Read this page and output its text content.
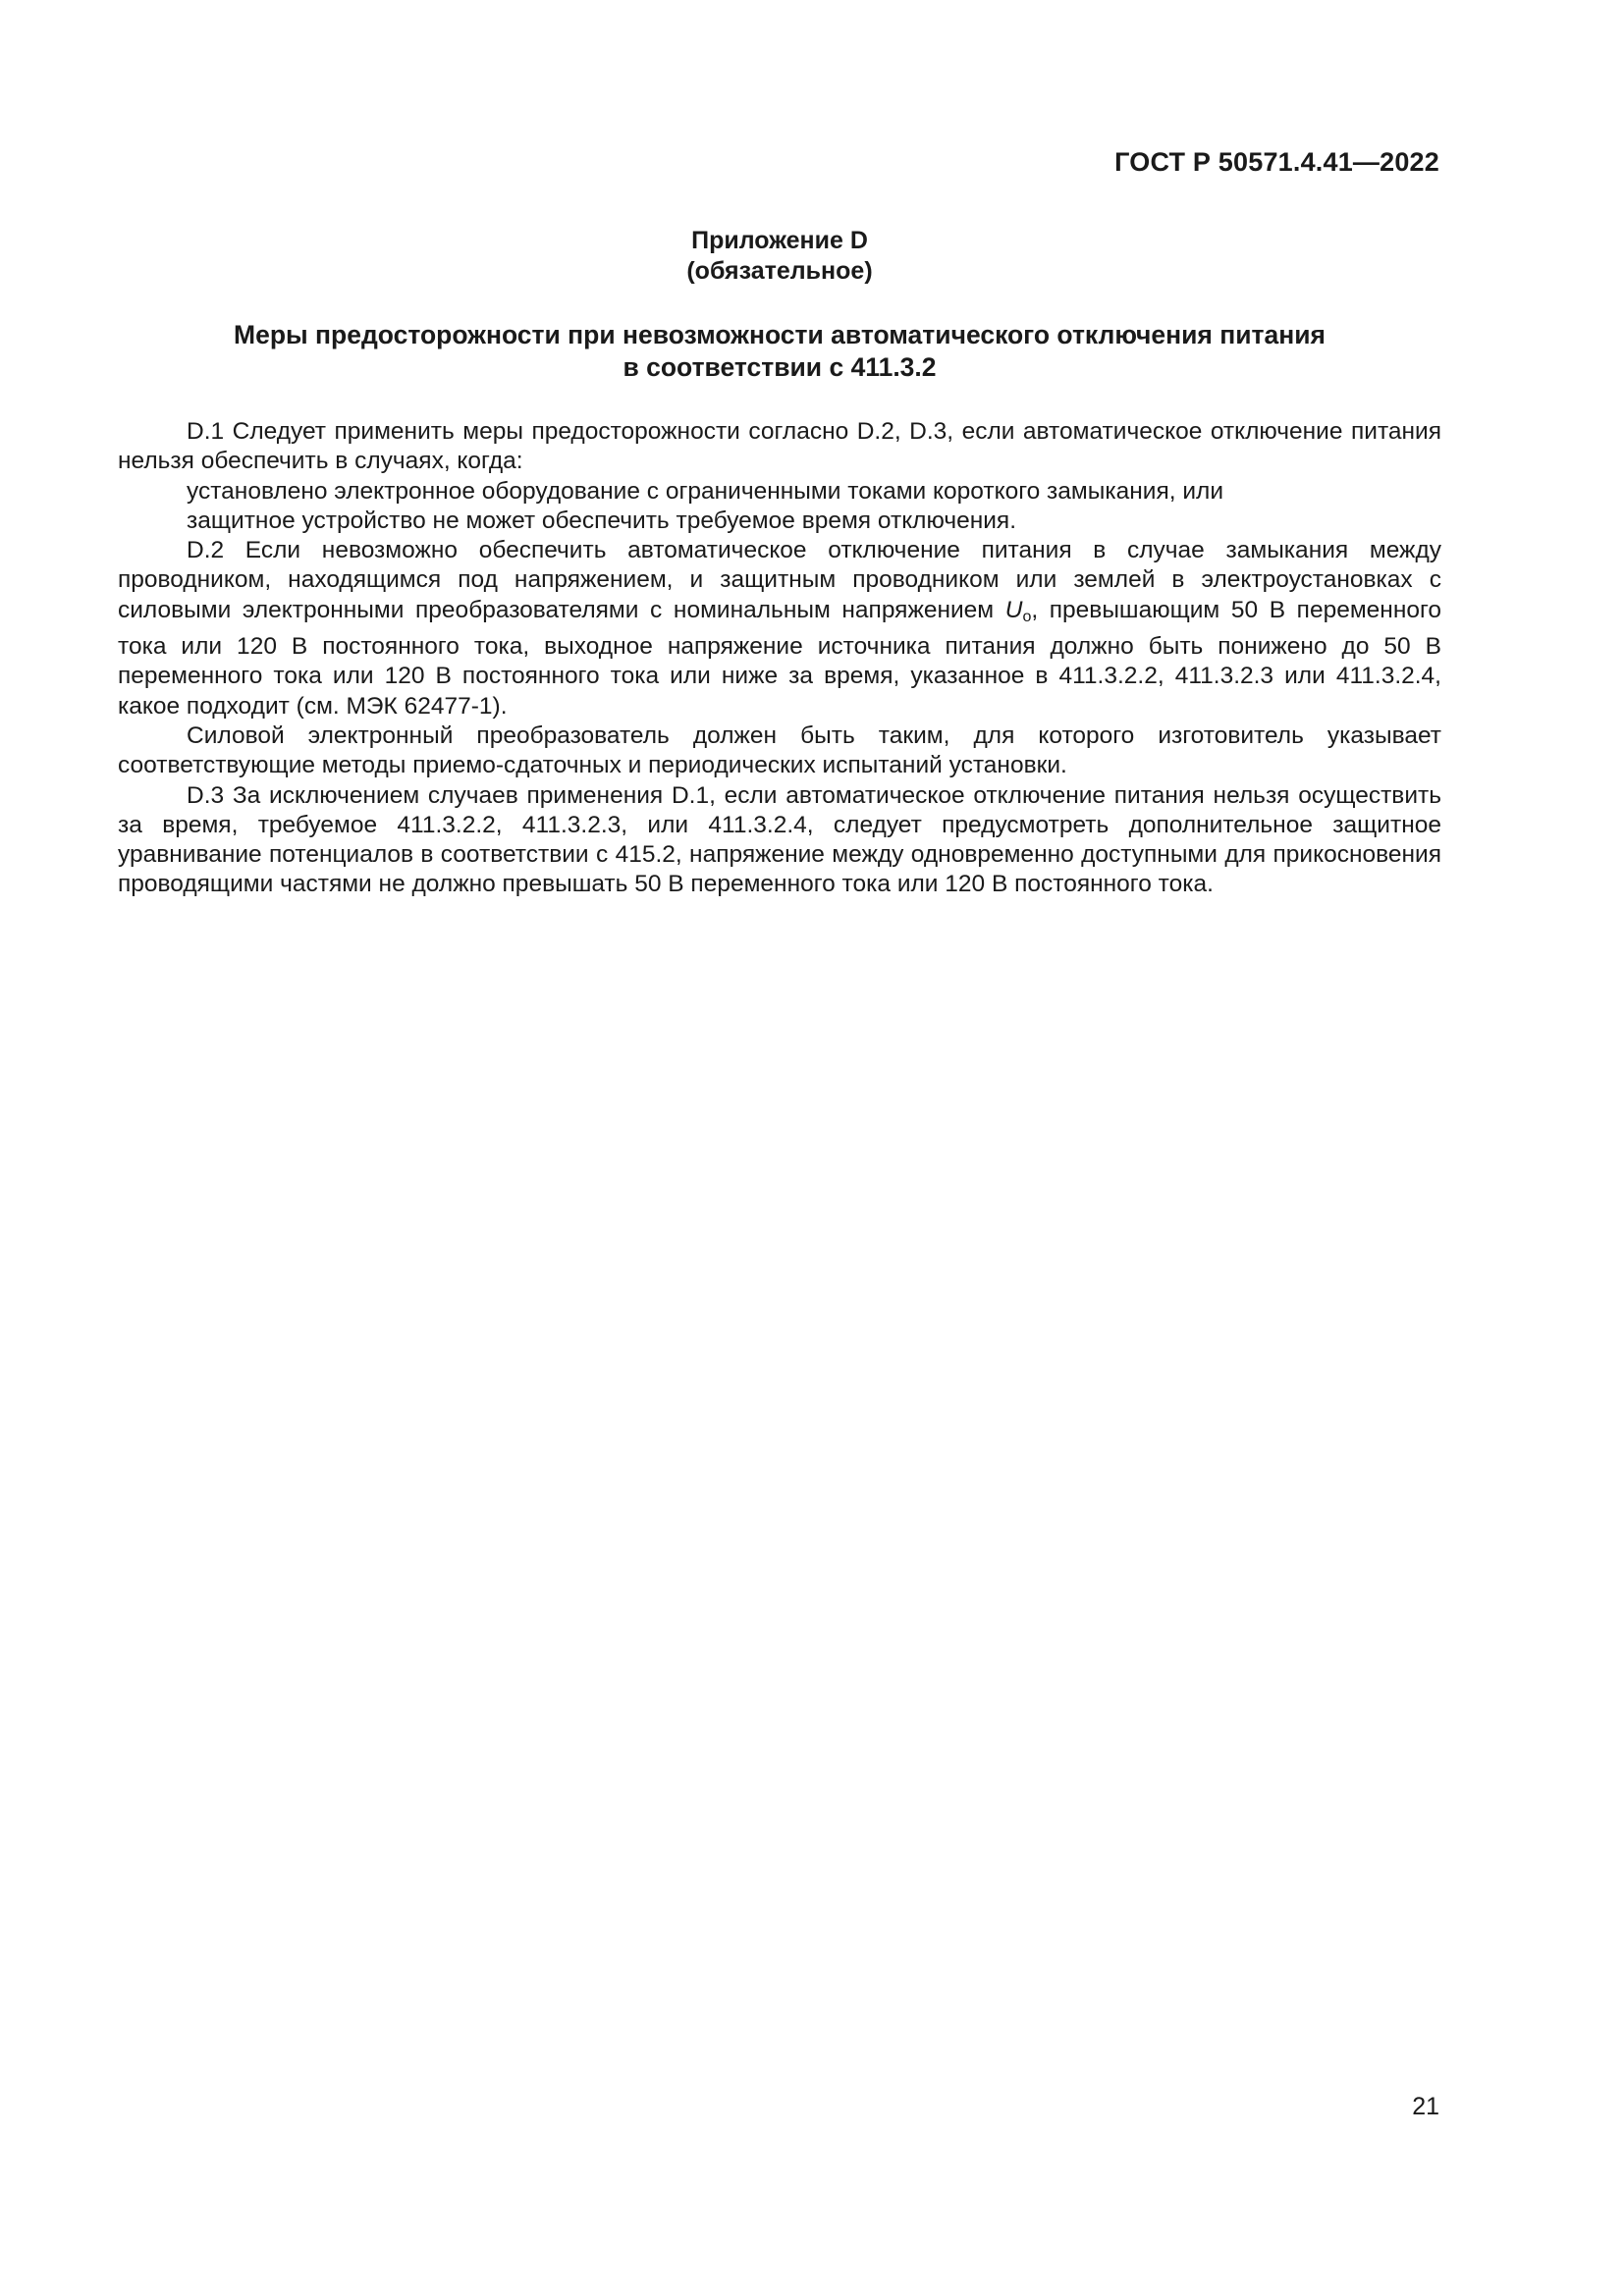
ГОСТ Р 50571.4.41—2022
Приложение D
(обязательное)
Меры предосторожности при невозможности автоматического отключения питания
в соответствии с 411.3.2

D.1 Следует применить меры предосторожности согласно D.2, D.3, если автоматическое отключение питания нельзя обеспечить в случаях, когда:

установлено электронное оборудование с ограниченными токами короткого замыкания, или

защитное устройство не может обеспечить требуемое время отключения.

D.2 Если невозможно обеспечить автоматическое отключение питания в случае замыкания между проводником, находящимся под напряжением, и защитным проводником или землей в электроустановках с силовыми электронными преобразователями с номинальным напряжением $U_o$, превышающим 50 В переменного тока или 120 В постоянного тока, выходное напряжение источника питания должно быть понижено до 50 В переменного тока или 120 В постоянного тока или ниже за время, указанное в 411.3.2.2, 411.3.2.3 или 411.3.2.4, какое подходит (см. МЭК 62477-1).

Силовой электронный преобразователь должен быть таким, для которого изготовитель указывает соответствующие методы приемо-сдаточных и периодических испытаний установки.

D.3 За исключением случаев применения D.1, если автоматическое отключение питания нельзя осуществить за время, требуемое 411.3.2.2, 411.3.2.3, или 411.3.2.4, следует предусмотреть дополнительное защитное уравнивание потенциалов в соответствии с 415.2, напряжение между одновременно доступными для прикосновения проводящими частями не должно превышать 50 В переменного тока или 120 В постоянного тока.

21
